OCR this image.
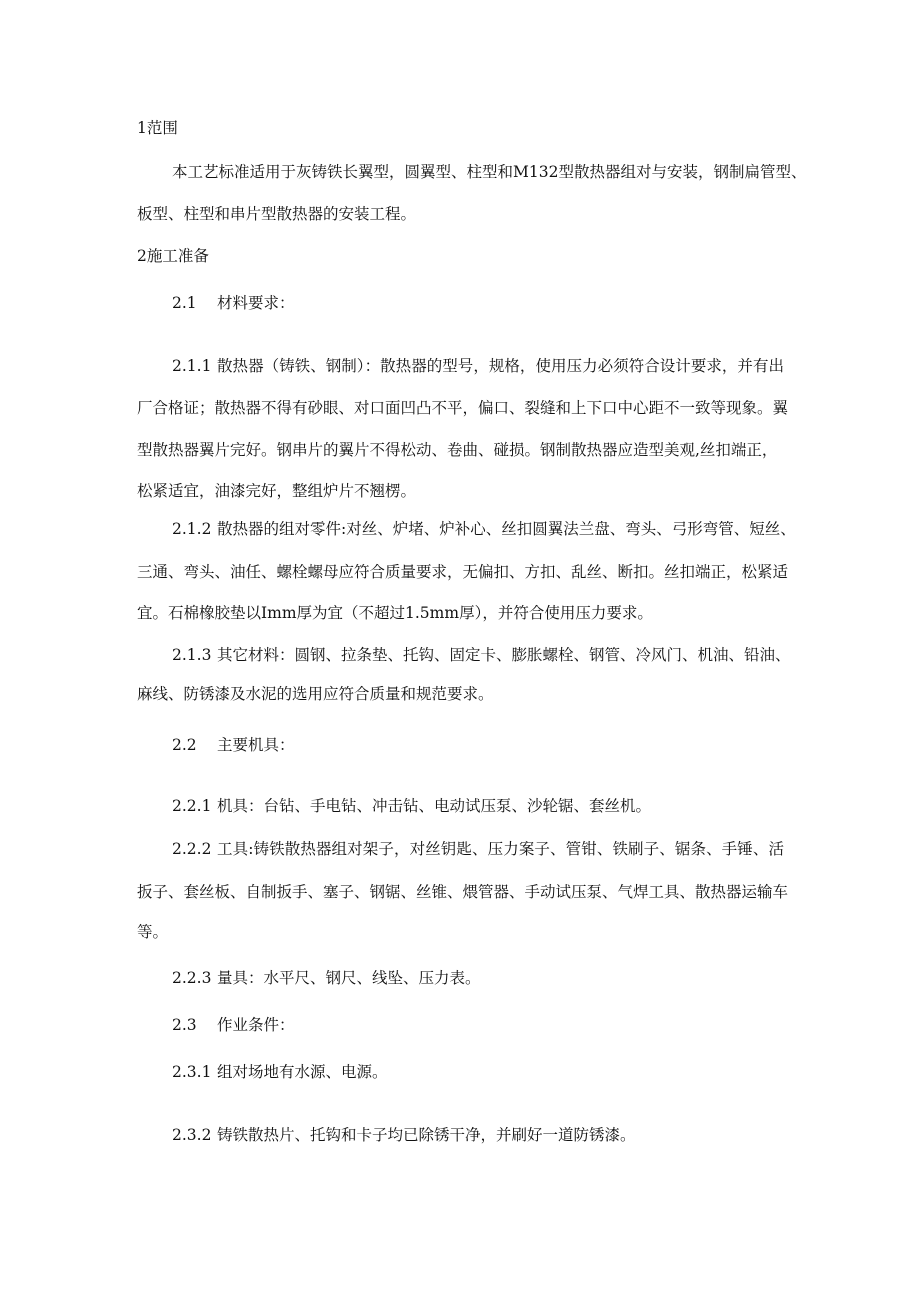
1范围
本工艺标准适用于灰铸铁长翼型，圆翼型、柱型和M132型散热器组对与安装，钢制扁管型、
板型、柱型和串片型散热器的安装工程。
2施工准备
2.1 材料要求：
2.1.1 散热器（铸铁、钢制）：散热器的型号，规格，使用压力必须符合设计要求，并有出
厂合格证；散热器不得有砂眼、对口面凹凸不平，偏口、裂缝和上下口中心距不一致等现象。翼
型散热器翼片完好。钢串片的翼片不得松动、卷曲、碰损。钢制散热器应造型美观,丝扣端正，
松紧适宜，油漆完好，整组炉片不翘楞。
2.1.2 散热器的组对零件:对丝、炉堵、炉补心、丝扣圆翼法兰盘、弯头、弓形弯管、短丝、
三通、弯头、油任、螺栓螺母应符合质量要求，无偏扣、方扣、乱丝、断扣。丝扣端正，松紧适
宜。石棉橡胶垫以Imm厚为宜（不超过1.5mm厚），并符合使用压力要求。
2.1.3 其它材料：圆钢、拉条垫、托钩、固定卡、膨胀螺栓、钢管、冷风门、机油、铅油、
麻线、防锈漆及水泥的选用应符合质量和规范要求。
2.2 主要机具：
2.2.1 机具：台钻、手电钻、冲击钻、电动试压泵、沙轮锯、套丝机。
2.2.2 工具:铸铁散热器组对架子，对丝钥匙、压力案子、管钳、铁刷子、锯条、手锤、活
扳子、套丝板、自制扳手、塞子、钢锯、丝锥、煨管器、手动试压泵、气焊工具、散热器运输车
等。
2.2.3 量具：水平尺、钢尺、线坠、压力表。
2.3 作业条件：
2.3.1 组对场地有水源、电源。
2.3.2 铸铁散热片、托钩和卡子均已除锈干净，并刷好一道防锈漆。
